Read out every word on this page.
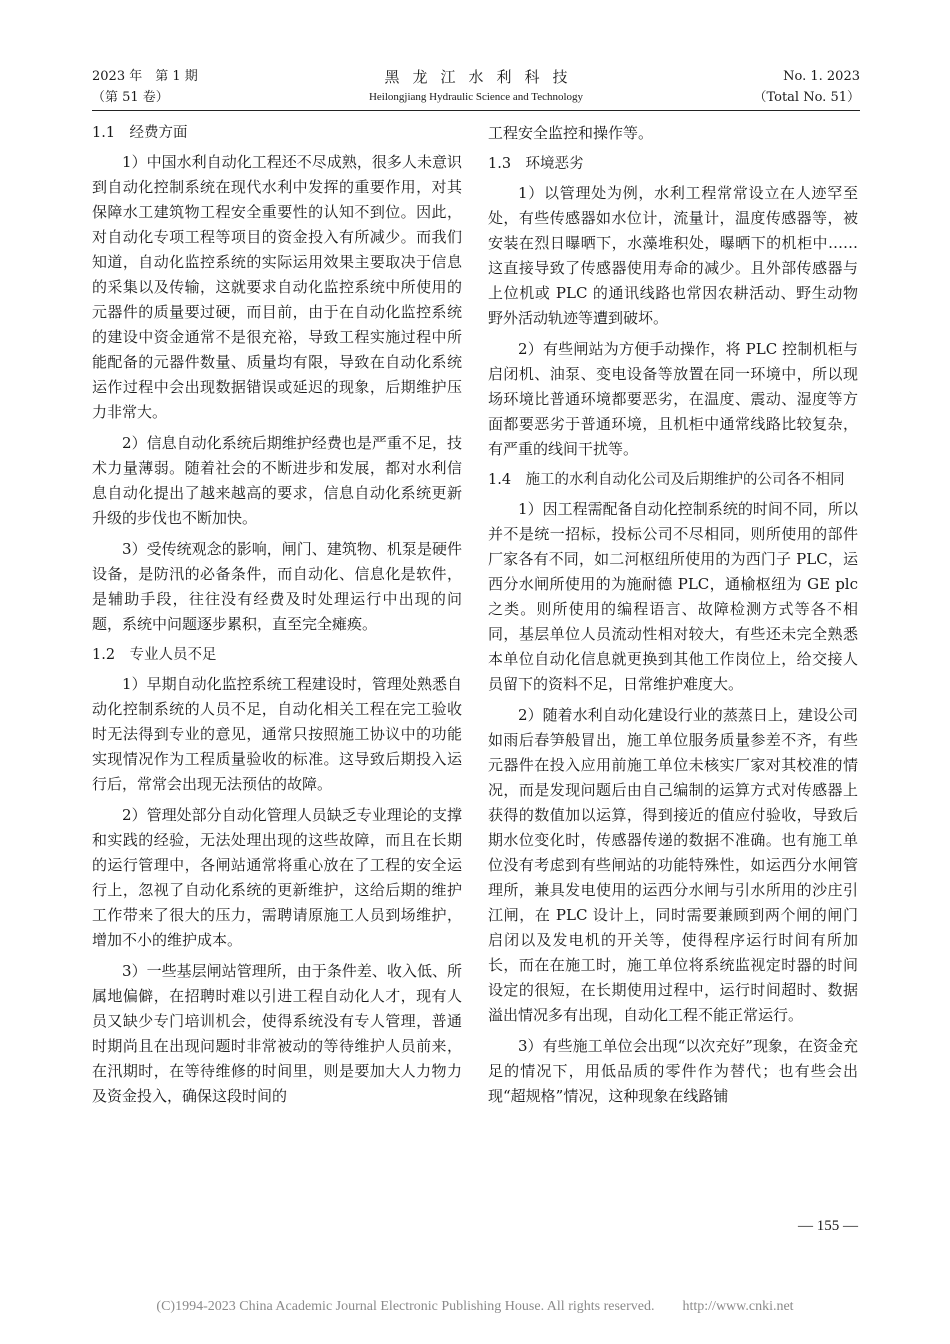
2023 年　第 1 期
（第 51 卷）
黑龙江水利科技
Heilongjiang Hydraulic Science and Technology
No. 1. 2023
（Total No. 51）
1.1　经费方面

1）中国水利自动化工程还不尽成熟，很多人未意识到自动化控制系统在现代水利中发挥的重要作用，对其保障水工建筑物工程安全重要性的认知不到位。因此，对自动化专项工程等项目的资金投入有所减少。而我们知道，自动化监控系统的实际运用效果主要取决于信息的采集以及传输，这就要求自动化监控系统中所使用的元器件的质量要过硬，而目前，由于在自动化监控系统的建设中资金通常不是很充裕，导致工程实施过程中所能配备的元器件数量、质量均有限，导致在自动化系统运作过程中会出现数据错误或延迟的现象，后期维护压力非常大。

2）信息自动化系统后期维护经费也是严重不足，技术力量薄弱。随着社会的不断进步和发展，都对水利信息自动化提出了越来越高的要求，信息自动化系统更新升级的步伐也不断加快。

3）受传统观念的影响，闸门、建筑物、机泵是硬件设备，是防汛的必备条件，而自动化、信息化是软件，是辅助手段，往往没有经费及时处理运行中出现的问题，系统中问题逐步累积，直至完全瘫痪。

1.2　专业人员不足

1）早期自动化监控系统工程建设时，管理处熟悉自动化控制系统的人员不足，自动化相关工程在完工验收时无法得到专业的意见，通常只按照施工协议中的功能实现情况作为工程质量验收的标准。这导致后期投入运行后，常常会出现无法预估的故障。

2）管理处部分自动化管理人员缺乏专业理论的支撑和实践的经验，无法处理出现的这些故障，而且在长期的运行管理中，各闸站通常将重心放在了工程的安全运行上，忽视了自动化系统的更新维护，这给后期的维护工作带来了很大的压力，需聘请原施工人员到场维护，增加不小的维护成本。

3）一些基层闸站管理所，由于条件差、收入低、所属地偏僻，在招聘时难以引进工程自动化人才，现有人员又缺少专门培训机会，使得系统没有专人管理，普通时期尚且在出现问题时非常被动的等待维护人员前来，在汛期时，在等待维修的时间里，则是要加大人力物力及资金投入，确保这段时间的

工程安全监控和操作等。

1.3　环境恶劣

1）以管理处为例，水利工程常常设立在人迹罕至处，有些传感器如水位计，流量计，温度传感器等，被安装在烈日曝晒下，水藻堆积处，曝晒下的机柜中……这直接导致了传感器使用寿命的减少。且外部传感器与上位机或 PLC 的通讯线路也常因农耕活动、野生动物野外活动轨迹等遭到破坏。

2）有些闸站为方便手动操作，将 PLC 控制机柜与启闭机、油泵、变电设备等放置在同一环境中，所以现场环境比普通环境都要恶劣，在温度、震动、湿度等方面都要恶劣于普通环境，且机柜中通常线路比较复杂，有严重的线间干扰等。

1.4　施工的水利自动化公司及后期维护的公司各不相同

1）因工程需配备自动化控制系统的时间不同，所以并不是统一招标，投标公司不尽相同，则所使用的部件厂家各有不同，如二河枢纽所使用的为西门子 PLC，运西分水闸所使用的为施耐德 PLC，通榆枢纽为 GE plc 之类。则所使用的编程语言、故障检测方式等各不相同，基层单位人员流动性相对较大，有些还未完全熟悉本单位自动化信息就更换到其他工作岗位上，给交接人员留下的资料不足，日常维护难度大。

2）随着水利自动化建设行业的蒸蒸日上，建设公司如雨后春笋般冒出，施工单位服务质量参差不齐，有些元器件在投入应用前施工单位未核实厂家对其校准的情况，而是发现问题后由自己编制的运算方式对传感器上获得的数值加以运算，得到接近的值应付验收，导致后期水位变化时，传感器传递的数据不准确。也有施工单位没有考虑到有些闸站的功能特殊性，如运西分水闸管理所，兼具发电使用的运西分水闸与引水所用的沙庄引江闸，在 PLC 设计上，同时需要兼顾到两个闸的闸门启闭以及发电机的开关等，使得程序运行时间有所加长，而在在施工时，施工单位将系统监视定时器的时间设定的很短，在长期使用过程中，运行时间超时、数据溢出情况多有出现，自动化工程不能正常运行。

3）有些施工单位会出现“以次充好”现象，在资金充足的情况下，用低品质的零件作为替代；也有些会出现“超规格”情况，这种现象在线路铺

— 155 —
(C)1994-2023 China Academic Journal Electronic Publishing House. All rights reserved.　　http://www.cnki.net
